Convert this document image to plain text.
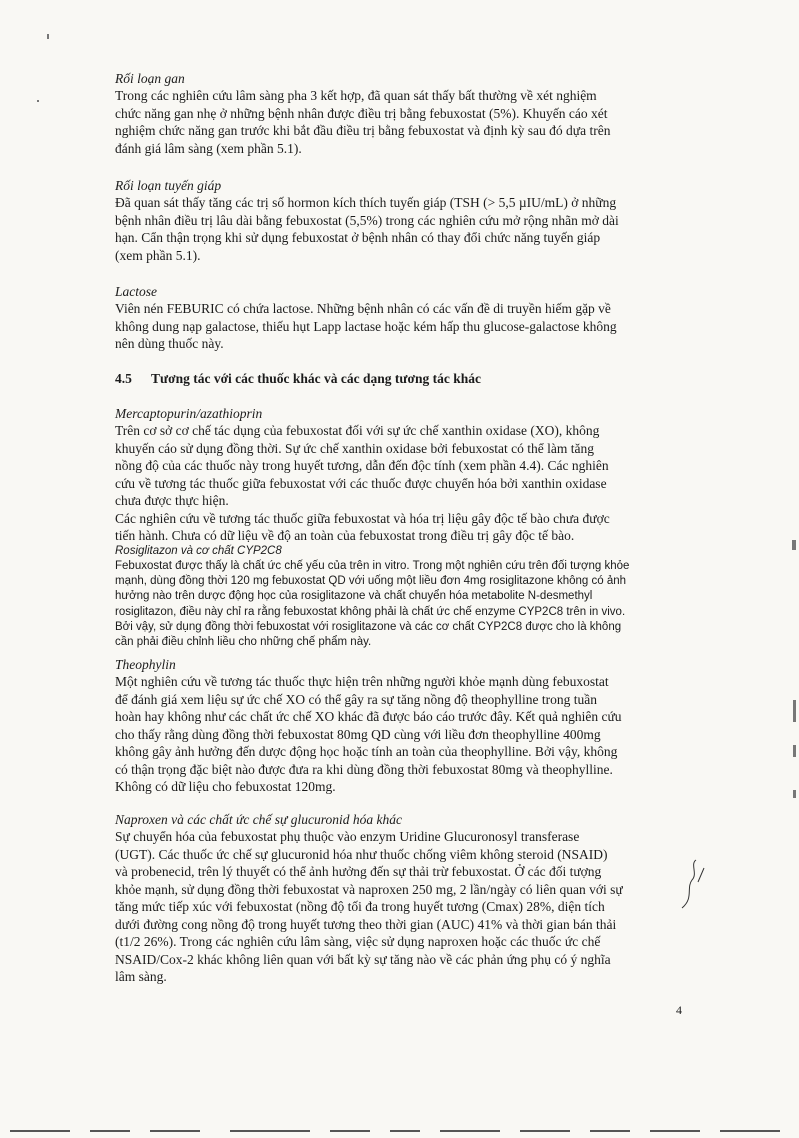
Rối loạn gan

Trong các nghiên cứu lâm sàng pha 3 kết hợp, đã quan sát thấy bất thường về xét nghiệm

chức năng gan nhẹ ở những bệnh nhân được điều trị bằng febuxostat (5%). Khuyến cáo xét

nghiệm chức năng gan trước khi bắt đầu điều trị bằng febuxostat và định kỳ sau đó dựa trên

đánh giá lâm sàng (xem phần 5.1).

Rối loạn tuyến giáp

Đã quan sát thấy tăng các trị số hormon kích thích tuyến giáp (TSH (> 5,5 µIU/mL) ở những

bệnh nhân điều trị lâu dài bằng febuxostat (5,5%) trong các nghiên cứu mở rộng nhãn mở dài

hạn. Cẩn thận trọng khi sử dụng febuxostat ở bệnh nhân có thay đổi chức năng tuyến giáp

(xem phần 5.1).

Lactose

Viên nén FEBURIC có chứa lactose. Những bệnh nhân có các vấn đề di truyền hiếm gặp về

không dung nạp galactose, thiếu hụt Lapp lactase hoặc kém hấp thu glucose-galactose không

nên dùng thuốc này.

4.5 Tương tác với các thuốc khác và các dạng tương tác khác

Mercaptopurin/azathioprin

Trên cơ sở cơ chế tác dụng của febuxostat đối với sự ức chế xanthin oxidase (XO), không

khuyến cáo sử dụng đồng thời. Sự ức chế xanthin oxidase bởi febuxostat có thể làm tăng

nồng độ của các thuốc này trong huyết tương, dẫn đến độc tính (xem phần 4.4). Các nghiên

cứu về tương tác thuốc giữa febuxostat với các thuốc được chuyển hóa bởi xanthin oxidase

chưa được thực hiện.

Các nghiên cứu về tương tác thuốc giữa febuxostat và hóa trị liệu gây độc tế bào chưa được

tiến hành. Chưa có dữ liệu về độ an toàn của febuxostat trong điều trị gây độc tế bào.

Rosiglitazon và cơ chất CYP2C8

Febuxostat được thấy là chất ức chế yếu của trên in vitro. Trong một nghiên cứu trên đối tượng khỏe

mạnh, dùng đồng thời 120 mg febuxostat QD với uống một liều đơn 4mg rosiglitazone không có ảnh

hưởng nào trên dược động học của rosiglitazone và chất chuyển hóa metabolite N-desmethyl

rosiglitazon, điều này chỉ ra rằng febuxostat không phải là chất ức chế enzyme CYP2C8 trên in vivo.

Bởi vậy, sử dụng đồng thời febuxostat với rosiglitazone và các cơ chất CYP2C8 được cho là không

cần phải điều chỉnh liều cho những chế phẩm này.

Theophylin

Một nghiên cứu về tương tác thuốc thực hiện trên những người khỏe mạnh dùng febuxostat

để đánh giá xem liệu sự ức chế XO có thể gây ra sự tăng nồng độ theophylline trong tuần

hoàn hay không như các chất ức chế XO khác đã được báo cáo trước đây. Kết quả nghiên cứu

cho thấy rằng dùng đồng thời febuxostat 80mg QD cùng với liều đơn theophylline 400mg

không gây ảnh hưởng đến dược động học hoặc tính an toàn của theophylline. Bởi vậy, không

có thận trọng đặc biệt nào được đưa ra khi dùng đồng thời febuxostat 80mg và theophylline.

Không có dữ liệu cho febuxostat 120mg.

Naproxen và các chất ức chế sự glucuronid hóa khác

Sự chuyển hóa của febuxostat phụ thuộc vào enzym Uridine Glucuronosyl transferase

(UGT). Các thuốc ức chế sự glucuronid hóa như thuốc chống viêm không steroid (NSAID)

và probenecid, trên lý thuyết có thể ảnh hưởng đến sự thải trừ febuxostat. Ở các đối tượng

khỏe mạnh, sử dụng đồng thời febuxostat và naproxen 250 mg, 2 lần/ngày có liên quan với sự

tăng mức tiếp xúc với febuxostat (nồng độ tối đa trong huyết tương (Cmax) 28%, diện tích

dưới đường cong nồng độ trong huyết tương theo thời gian (AUC) 41% và thời gian bán thải

(t1/2 26%). Trong các nghiên cứu lâm sàng, việc sử dụng naproxen hoặc các thuốc ức chế

NSAID/Cox-2 khác không liên quan với bất kỳ sự tăng nào về các phản ứng phụ có ý nghĩa

lâm sàng.

4
